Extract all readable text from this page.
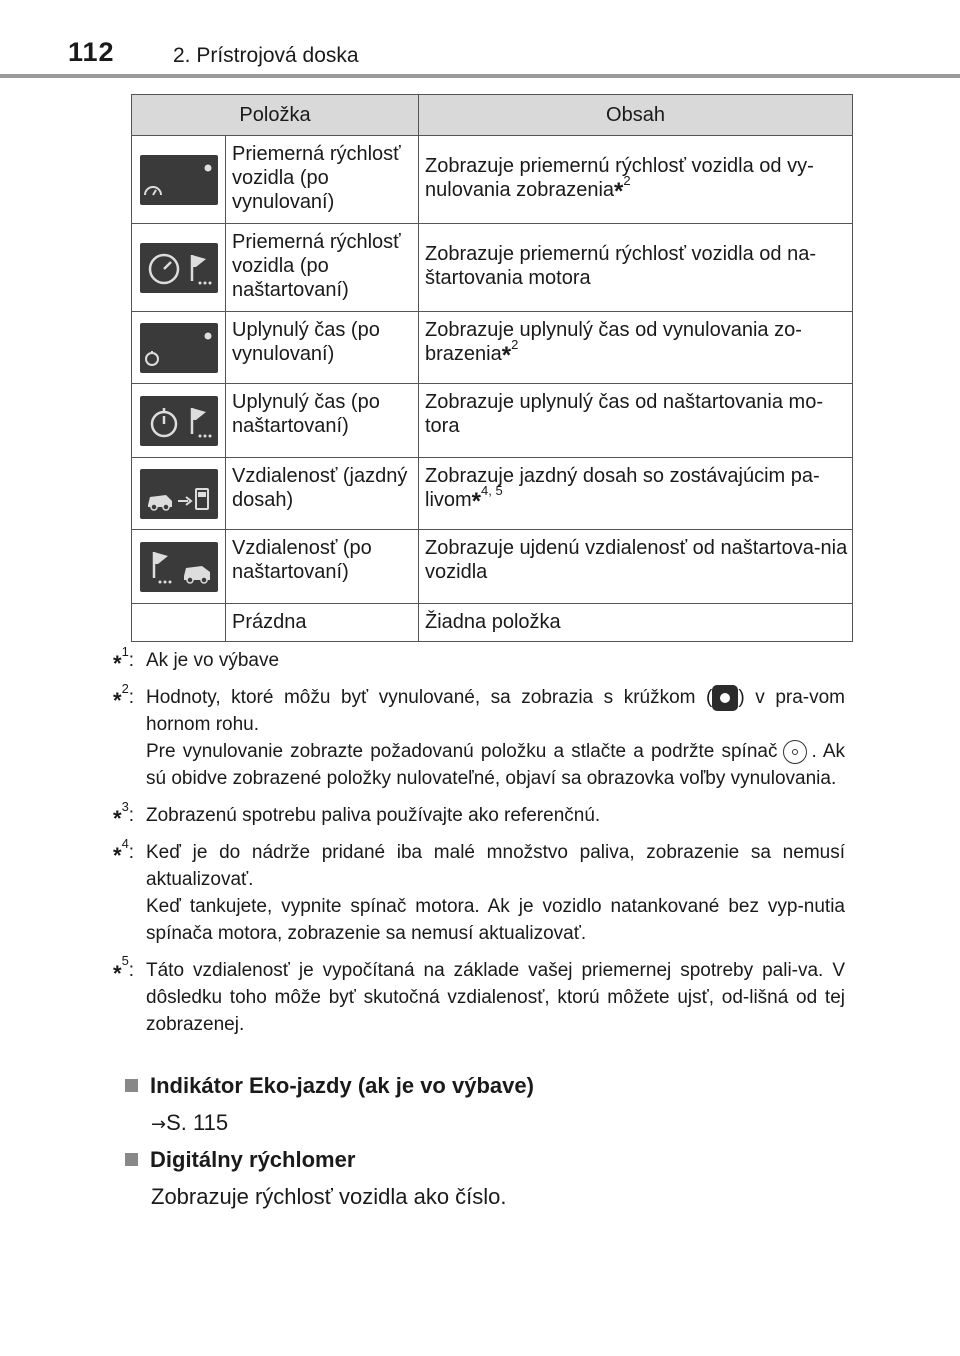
112	2. Prístrojová doska
Položka		Obsah

	Priemerná rýchlosť vozidla (po vynulovaní)	Zobrazuje priemernú rýchlosť vozidla od vy-nulovania zobrazenia*$^2$

	Priemerná rýchlosť vozidla (po naštartovaní)	Zobrazuje priemernú rýchlosť vozidla od na-štartovania motora

	Uplynulý čas (po vynulovaní)	Zobrazuje uplynulý čas od vynulovania zo-brazenia*$^2$

	Uplynulý čas (po naštartovaní)	Zobrazuje uplynulý čas od naštartovania mo-tora

	Vzdialenosť (jazdný dosah)	Zobrazuje jazdný dosah so zostávajúcim pa-livom*$^{4, 5}$

	Vzdialenosť (po naštartovaní)	Zobrazuje ujdenú vzdialenosť od naštartova-nia vozidla
	Prázdna	Žiadna položka
*$^1$: Ak je vo výbave

*$^2$: Hodnoty, ktoré môžu byť vynulované, sa zobrazia s krúžkom ( ) v pra-vom hornom rohu.

Pre vynulovanie zobrazte požadovanú položku a stlačte a podržte spínač . Ak sú obidve zobrazené položky nulovateľné, objaví sa obrazovka voľby vynulovania.

*$^3$: Zobrazenú spotrebu paliva používajte ako referenčnú.

*$^4$: Keď je do nádrže pridané iba malé množstvo paliva, zobrazenie sa nemusí aktualizovať.

Keď tankujete, vypnite spínač motora. Ak je vozidlo natankované bez vyp-nutia spínača motora, zobrazenie sa nemusí aktualizovať.

*$^5$: Táto vzdialenosť je vypočítaná na základe vašej priemernej spotreby pali-va. V dôsledku toho môže byť skutočná vzdialenosť, ktorú môžete ujsť, od-lišná od tej zobrazenej.

Indikátor Eko-jazdy (ak je vo výbave)
→S. 115
Digitálny rýchlomer
Zobrazuje rýchlosť vozidla ako číslo.
